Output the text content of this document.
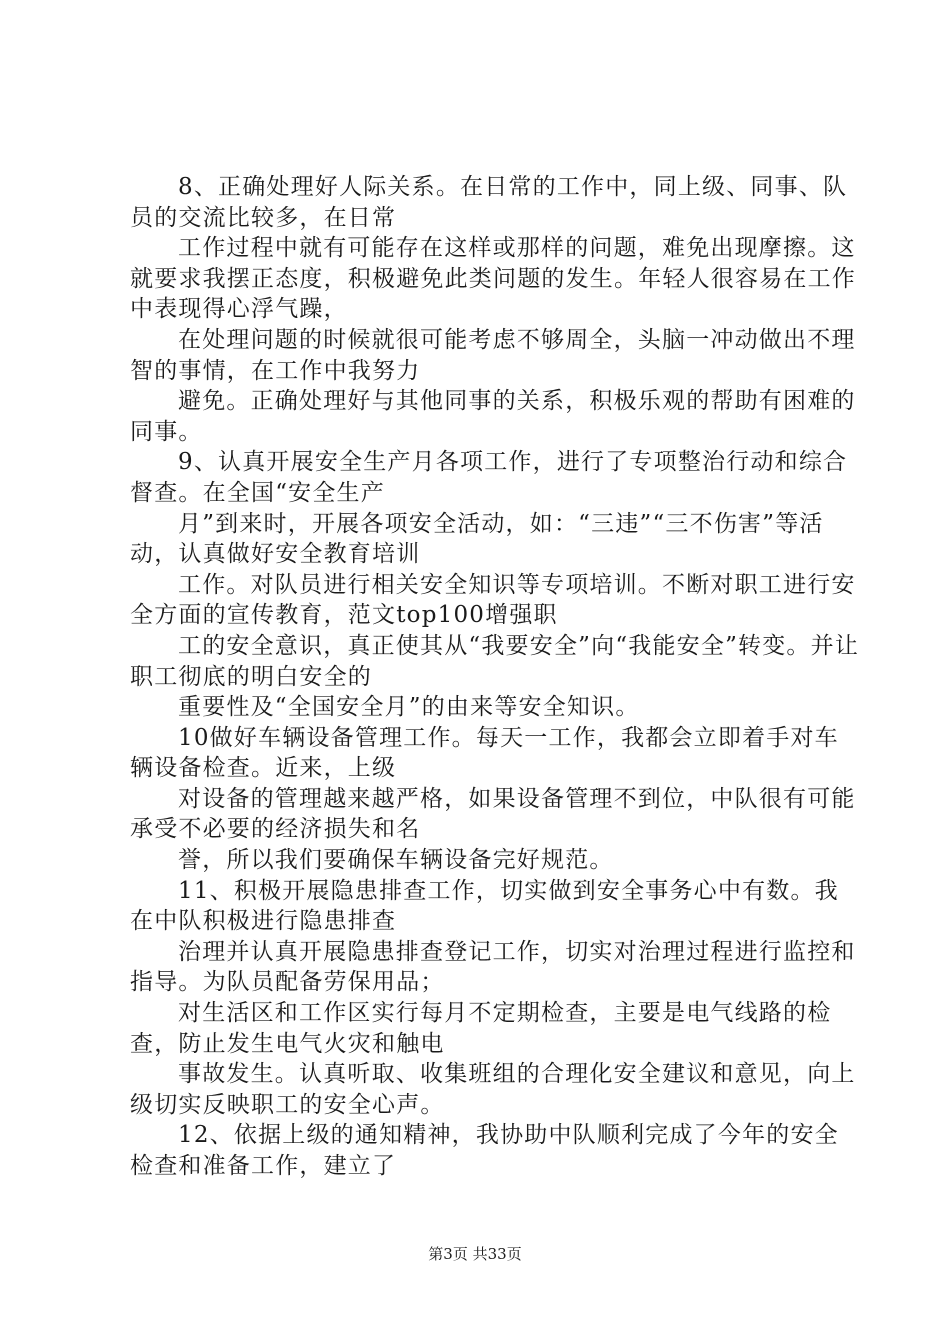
8、正确处理好人际关系。在日常的工作中，同上级、同事、队员的交流比较多，在日常

工作过程中就有可能存在这样或那样的问题，难免出现摩擦。这就要求我摆正态度，积极避免此类问题的发生。年轻人很容易在工作中表现得心浮气躁，

在处理问题的时候就很可能考虑不够周全，头脑一冲动做出不理智的事情，在工作中我努力

避免。正确处理好与其他同事的关系，积极乐观的帮助有困难的同事。

9、认真开展安全生产月各项工作，进行了专项整治行动和综合督查。在全国“安全生产

月”到来时，开展各项安全活动，如：“三违”“三不伤害”等活动，认真做好安全教育培训

工作。对队员进行相关安全知识等专项培训。不断对职工进行安全方面的宣传教育，范文top100增强职

工的安全意识，真正使其从“我要安全”向“我能安全”转变。并让职工彻底的明白安全的

重要性及“全国安全月”的由来等安全知识。

10做好车辆设备管理工作。每天一工作，我都会立即着手对车辆设备检查。近来，上级

对设备的管理越来越严格，如果设备管理不到位，中队很有可能承受不必要的经济损失和名

誉，所以我们要确保车辆设备完好规范。

11、积极开展隐患排查工作，切实做到安全事务心中有数。我在中队积极进行隐患排查

治理并认真开展隐患排查登记工作，切实对治理过程进行监控和指导。为队员配备劳保用品；

对生活区和工作区实行每月不定期检查，主要是电气线路的检查，防止发生电气火灾和触电

事故发生。认真听取、收集班组的合理化安全建议和意见，向上级切实反映职工的安全心声。

12、依据上级的通知精神，我协助中队顺利完成了今年的安全检查和准备工作，建立了

第3页 共33页
